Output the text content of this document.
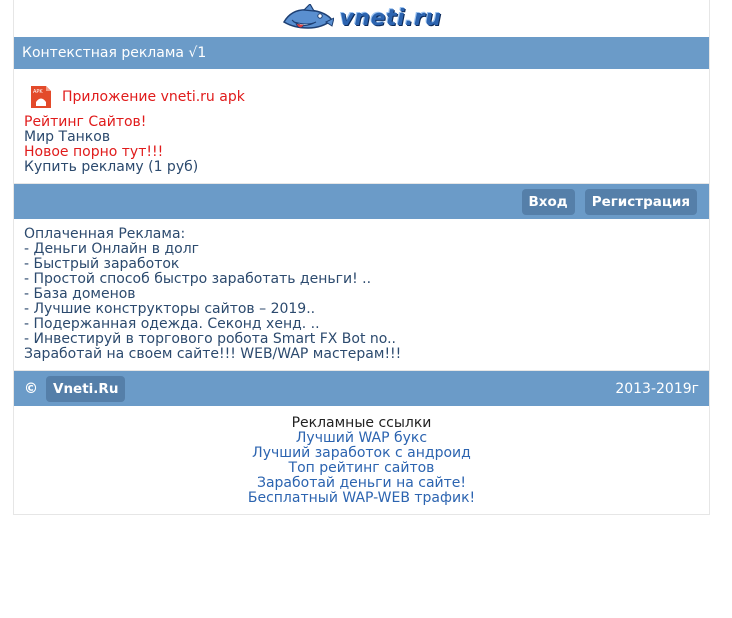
vneti.ru
Контекстная реклама √1
APK Приложение vneti.ru apk
Рейтинг Сайтов!
Мир Танков
Новое порно тут!!!
Купить рекламу (1 руб)
Вход	Регистрация
Оплаченная Реклама:
- Деньги Онлайн в долг
- Быстрый заработок
- Простой способ быстро заработать деньги! ..
- База доменов
- Лучшие конструкторы сайтов – 2019..
- Подержанная одежда. Секонд хенд. ..
- Инвестируй в торгового робота Smart FX Bot no..
Заработай на своем сайте!!! WEB/WAP мастерам!!!
©	Vneti.Ru	2013-2019г
Рекламные ссылки
Лучший WAP букс
Лучший заработок с андроид
Топ рейтинг сайтов
Заработай деньги на сайте!
Бесплатный WAP-WEB трафик!
